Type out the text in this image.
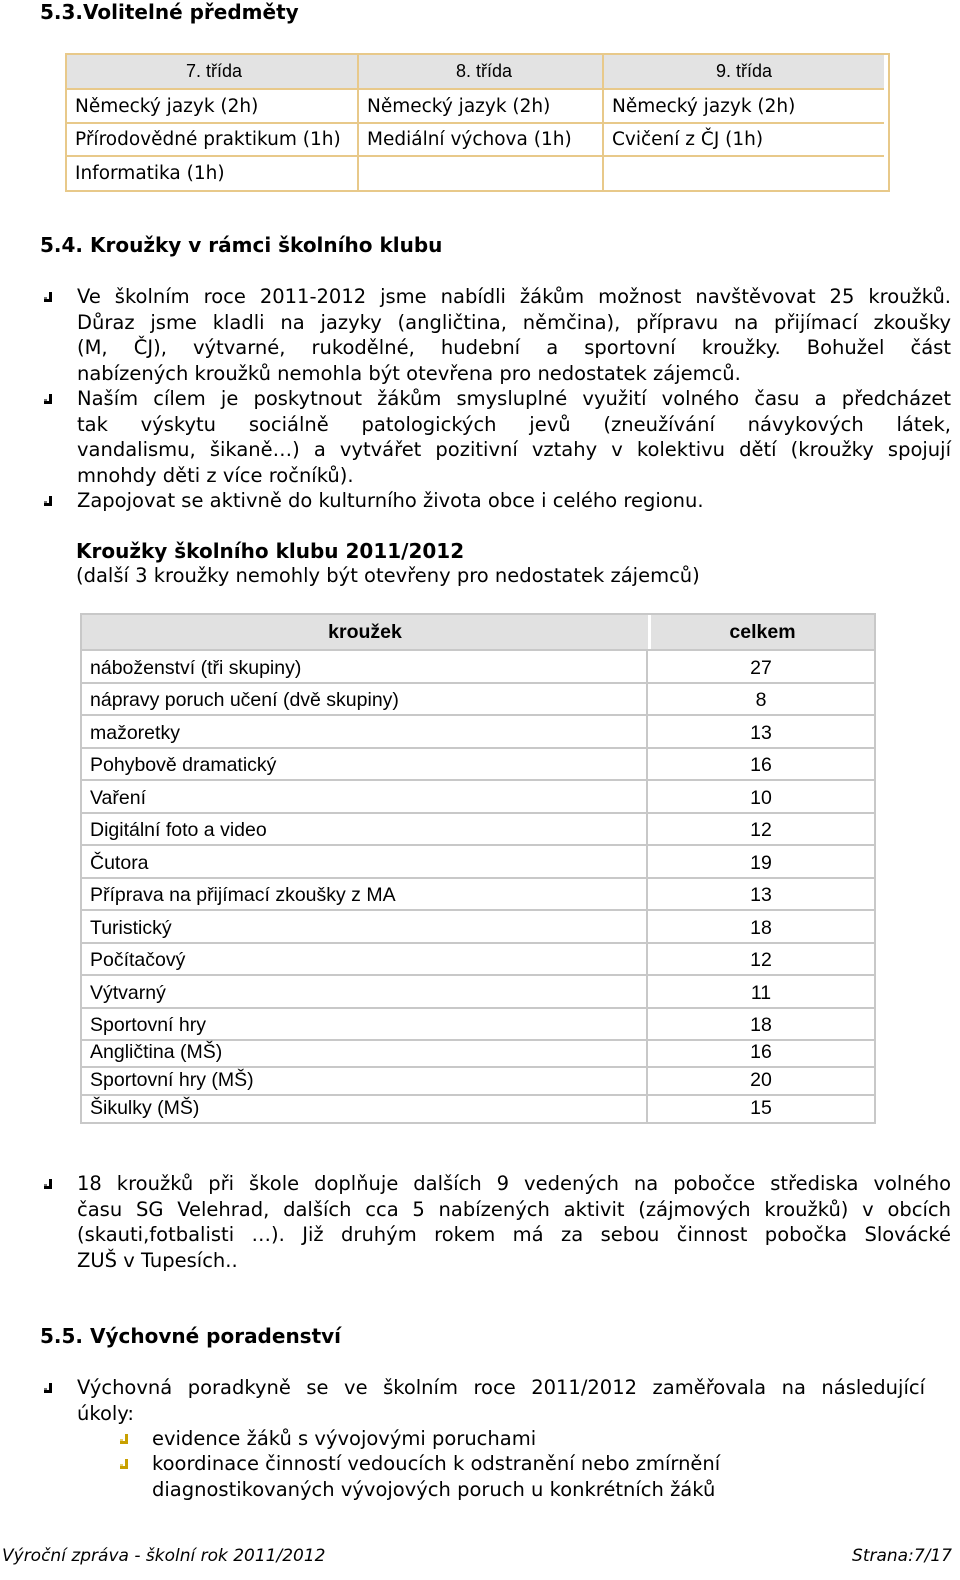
5.3.Volitelné předměty
7. třída	8. třída	9. třída
Německý jazyk (2h)	Německý jazyk (2h)	Německý jazyk (2h)
Přírodovědné praktikum (1h)	Mediální výchova (1h)	Cvičení z ČJ (1h)
Informatika (1h)
5.4. Kroužky v rámci školního klubu
Ve školním roce 2011-2012 jsme nabídli žákům možnost navštěvovat 25 kroužků.
Důraz jsme kladli na jazyky (angličtina, němčina), přípravu na přijímací zkoušky
(M, ČJ), výtvarné, rukodělné, hudební a sportovní kroužky. Bohužel část
nabízených kroužků nemohla být otevřena pro nedostatek zájemců.
Naším cílem je poskytnout žákům smysluplné využití volného času a předcházet
tak výskytu sociálně patologických jevů (zneužívání návykových látek,
vandalismu, šikaně…) a vytvářet pozitivní vztahy v kolektivu dětí (kroužky spojují
mnohdy děti z více ročníků).
Zapojovat se aktivně do kulturního života obce i celého regionu.
Kroužky školního klubu 2011/2012
(další 3 kroužky nemohly být otevřeny pro nedostatek zájemců)
kroužek	celkem
náboženství (tři skupiny)	27
nápravy poruch učení (dvě skupiny)	8
mažoretky	13
Pohybově dramatický	16
Vaření	10
Digitální foto a video	12
Čutora	19
Příprava na přijímací zkoušky z MA	13
Turistický	18
Počítačový	12
Výtvarný	11
Sportovní hry	18
Angličtina (MŠ)	16
Sportovní hry (MŠ)	20
Šikulky (MŠ)	15
18 kroužků při škole doplňuje dalších 9 vedených na pobočce střediska volného
času SG Velehrad, dalších cca 5 nabízených aktivit (zájmových kroužků) v obcích
(skauti,fotbalisti …). Již druhým rokem má za sebou činnost pobočka Slovácké
ZUŠ v Tupesích..
5.5. Výchovné poradenství
Výchovná poradkyně se ve školním roce 2011/2012 zaměřovala na následující
úkoly:
evidence žáků s vývojovými poruchami
koordinace činností vedoucích k odstranění nebo zmírnění
diagnostikovaných vývojových poruch u konkrétních žáků
Výroční zpráva - školní rok 2011/2012	Strana:7/17
